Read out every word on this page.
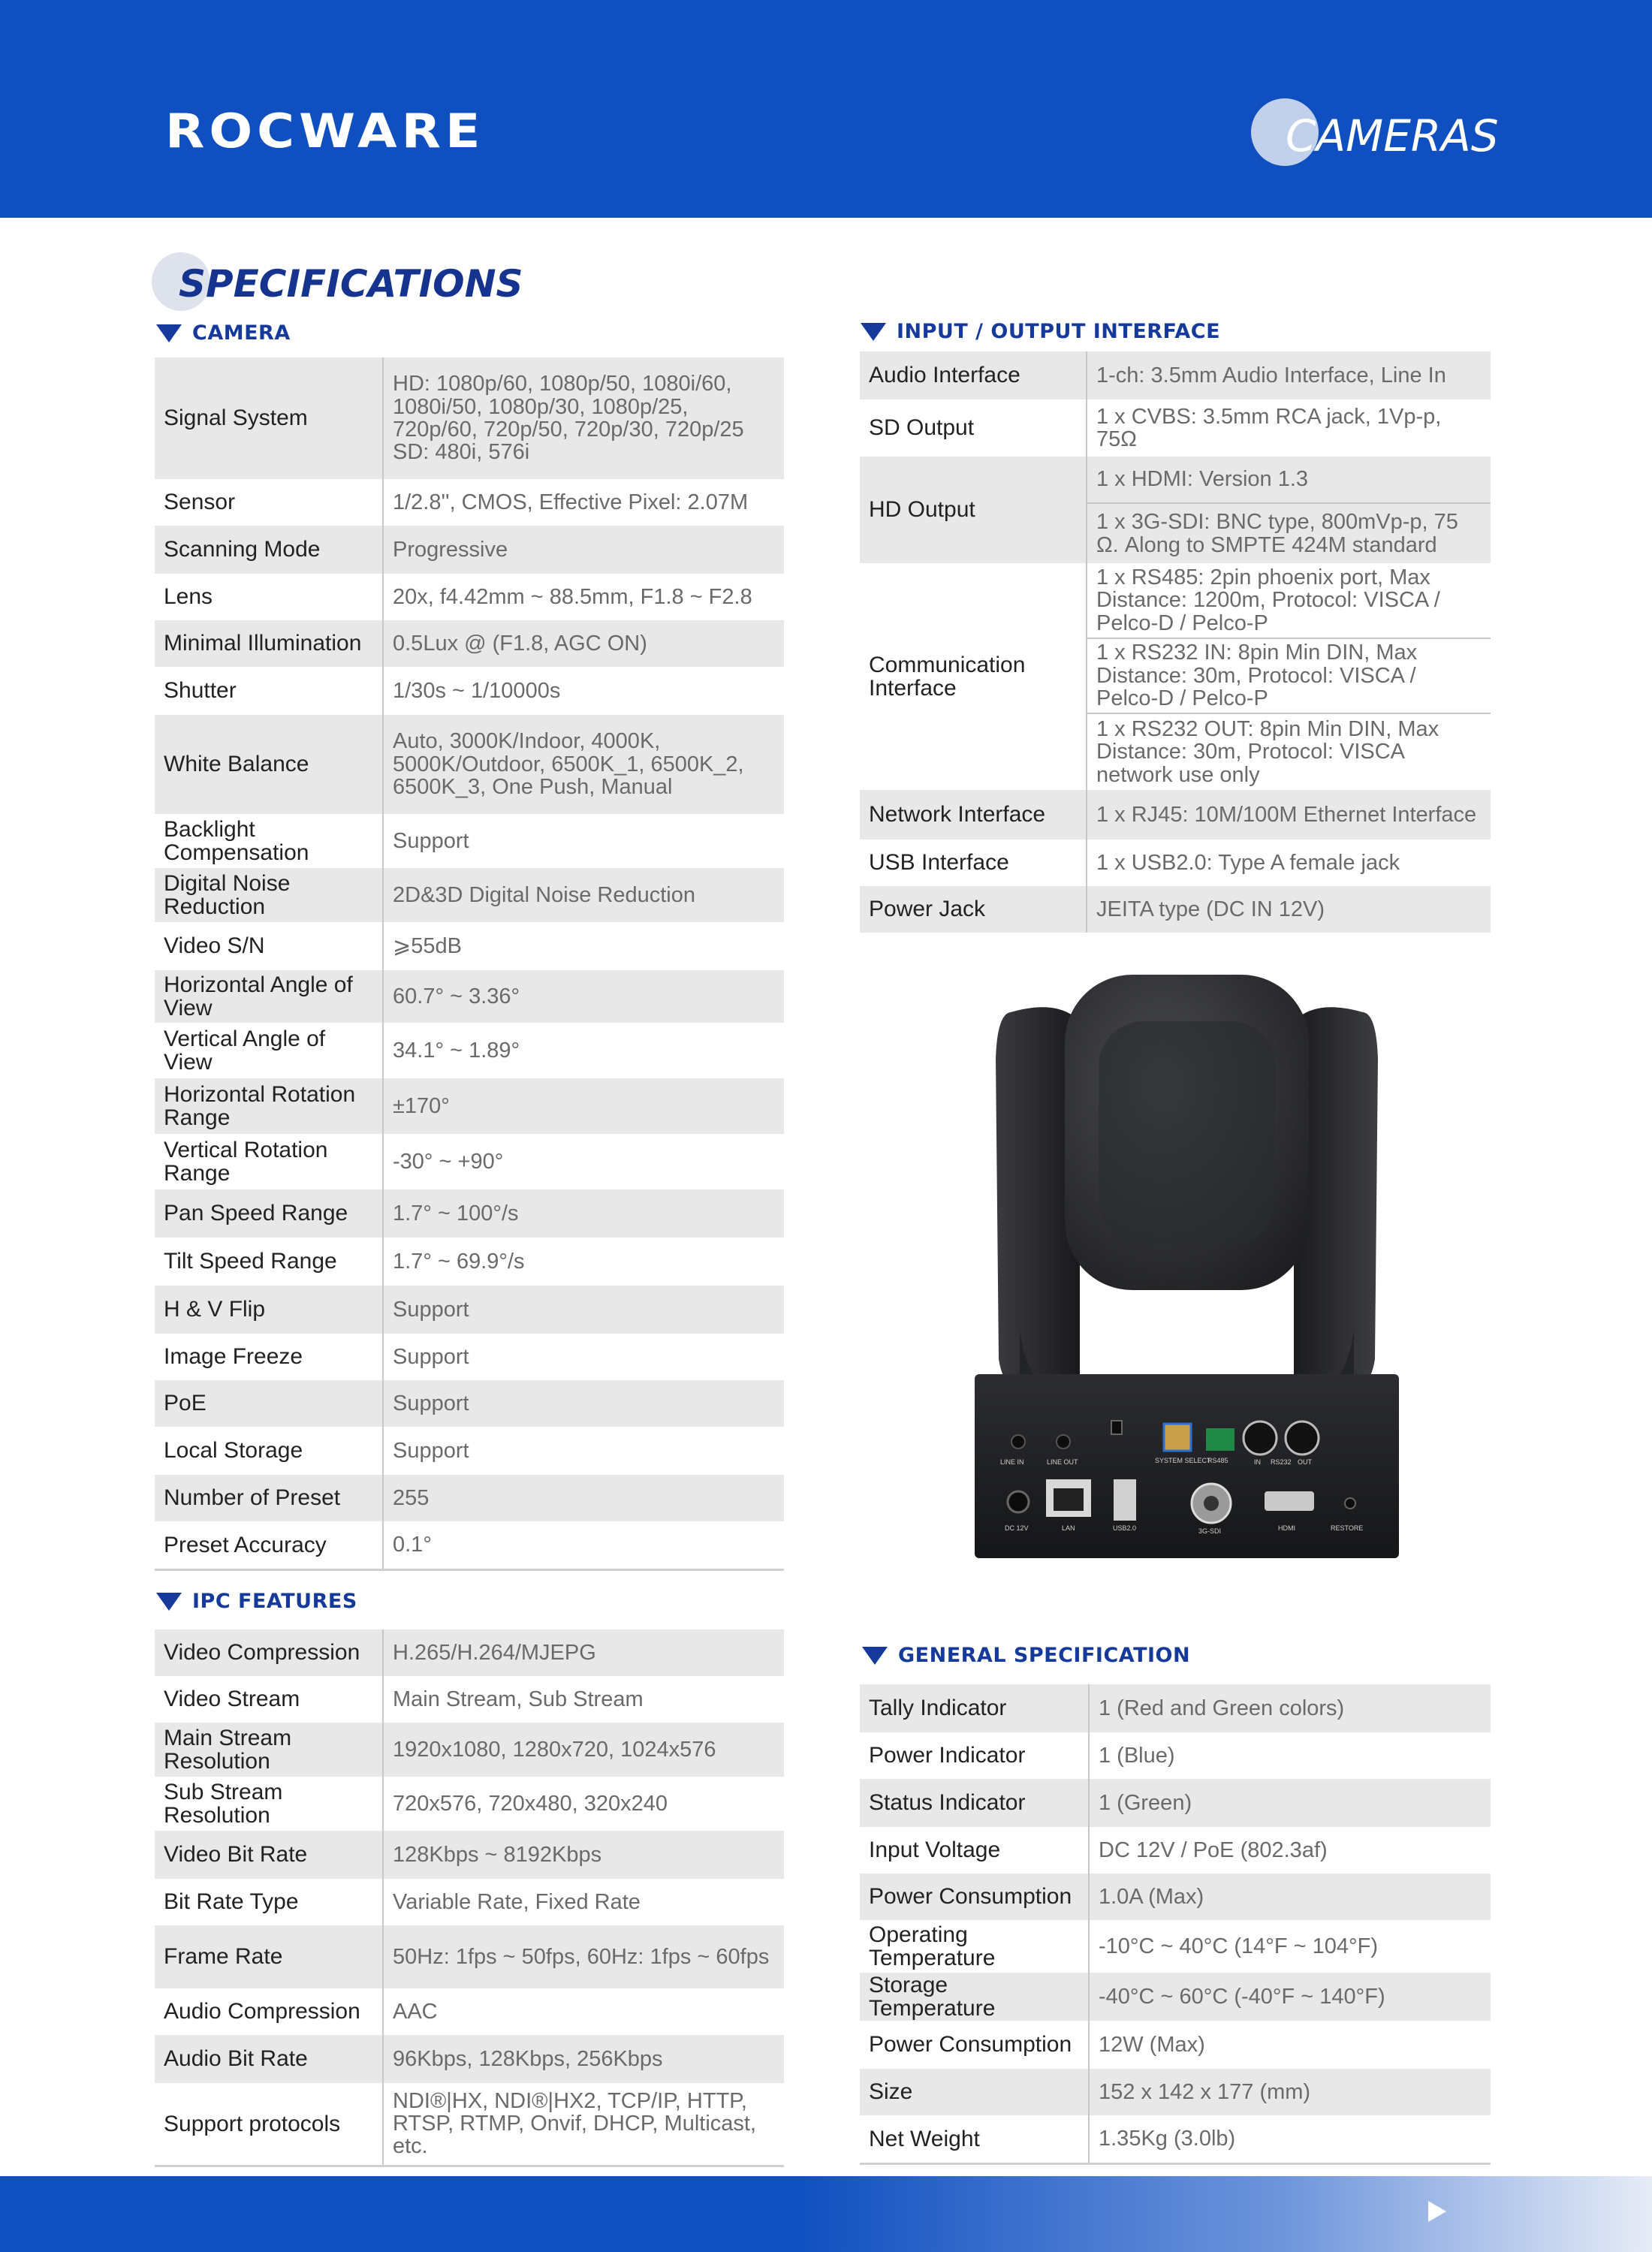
ROCWARE	CAMERAS
SPECIFICATIONS
CAMERA
Signal System	HD: 1080p/60, 1080p/50, 1080i/60, 1080i/50, 1080p/30, 1080p/25, 720p/60, 720p/50, 720p/30, 720p/25 SD: 480i, 576i
Sensor	1/2.8'', CMOS, Effective Pixel: 2.07M
Scanning Mode	Progressive
Lens	20x, f4.42mm ~ 88.5mm, F1.8 ~ F2.8
Minimal Illumination	0.5Lux @ (F1.8, AGC ON)
Shutter	1/30s ~ 1/10000s
White Balance	Auto, 3000K/Indoor, 4000K, 5000K/Outdoor, 6500K_1, 6500K_2, 6500K_3, One Push, Manual
Backlight Compensation	Support
Digital Noise Reduction	2D&3D Digital Noise Reduction
Video S/N	⩾55dB
Horizontal Angle of View	60.7° ~ 3.36°
Vertical Angle of View	34.1° ~ 1.89°
Horizontal Rotation Range	±170°
Vertical Rotation Range	-30° ~ +90°
Pan Speed Range	1.7° ~ 100°/s
Tilt Speed Range	1.7° ~ 69.9°/s
H & V Flip	Support
Image Freeze	Support
PoE	Support
Local Storage	Support
Number of Preset	255
Preset Accuracy	0.1°
IPC FEATURES
Video Compression	H.265/H.264/MJEPG
Video Stream	Main Stream, Sub Stream
Main Stream Resolution	1920x1080, 1280x720, 1024x576
Sub Stream Resolution	720x576, 720x480, 320x240
Video Bit Rate	128Kbps ~ 8192Kbps
Bit Rate Type	Variable Rate, Fixed Rate
Frame Rate	50Hz: 1fps ~ 50fps, 60Hz: 1fps ~ 60fps
Audio Compression	AAC
Audio Bit Rate	96Kbps, 128Kbps, 256Kbps
Support protocols	NDI®|HX, NDI®|HX2, TCP/IP, HTTP, RTSP, RTMP, Onvif, DHCP, Multicast, etc.
INPUT / OUTPUT INTERFACE
Audio Interface	1-ch: 3.5mm Audio Interface, Line In
SD Output	1 x CVBS: 3.5mm RCA jack, 1Vp-p, 75Ω
HD Output	1 x HDMI: Version 1.3
	1 x 3G-SDI: BNC type, 800mVp-p, 75 Ω. Along to SMPTE 424M standard
Communication Interface	1 x RS485: 2pin phoenix port, Max Distance: 1200m, Protocol: VISCA / Pelco-D / Pelco-P
	1 x RS232 IN: 8pin Min DIN, Max Distance: 30m, Protocol: VISCA / Pelco-D / Pelco-P
	1 x RS232 OUT: 8pin Min DIN, Max Distance: 30m, Protocol: VISCA network use only
Network Interface	1 x RJ45: 10M/100M Ethernet Interface
USB Interface	1 x USB2.0: Type A female jack
Power Jack	JEITA type (DC IN 12V)
LINE IN	LINE OUT	SYSTEM SELECT
RS485	IN RS232 OUT
DC 12V	LAN	USB2.0	3G-SDI	HDMI	RESTORE
GENERAL SPECIFICATION
Tally Indicator	1 (Red and Green colors)
Power Indicator	1 (Blue)
Status Indicator	1 (Green)
Input Voltage	DC 12V / PoE (802.3af)
Power Consumption	1.0A (Max)
Operating Temperature	-10°C ~ 40°C (14°F ~ 104°F)
Storage Temperature	-40°C ~ 60°C (-40°F ~ 140°F)
Power Consumption	12W (Max)
Size	152 x 142 x 177 (mm)
Net Weight	1.35Kg (3.0lb)
